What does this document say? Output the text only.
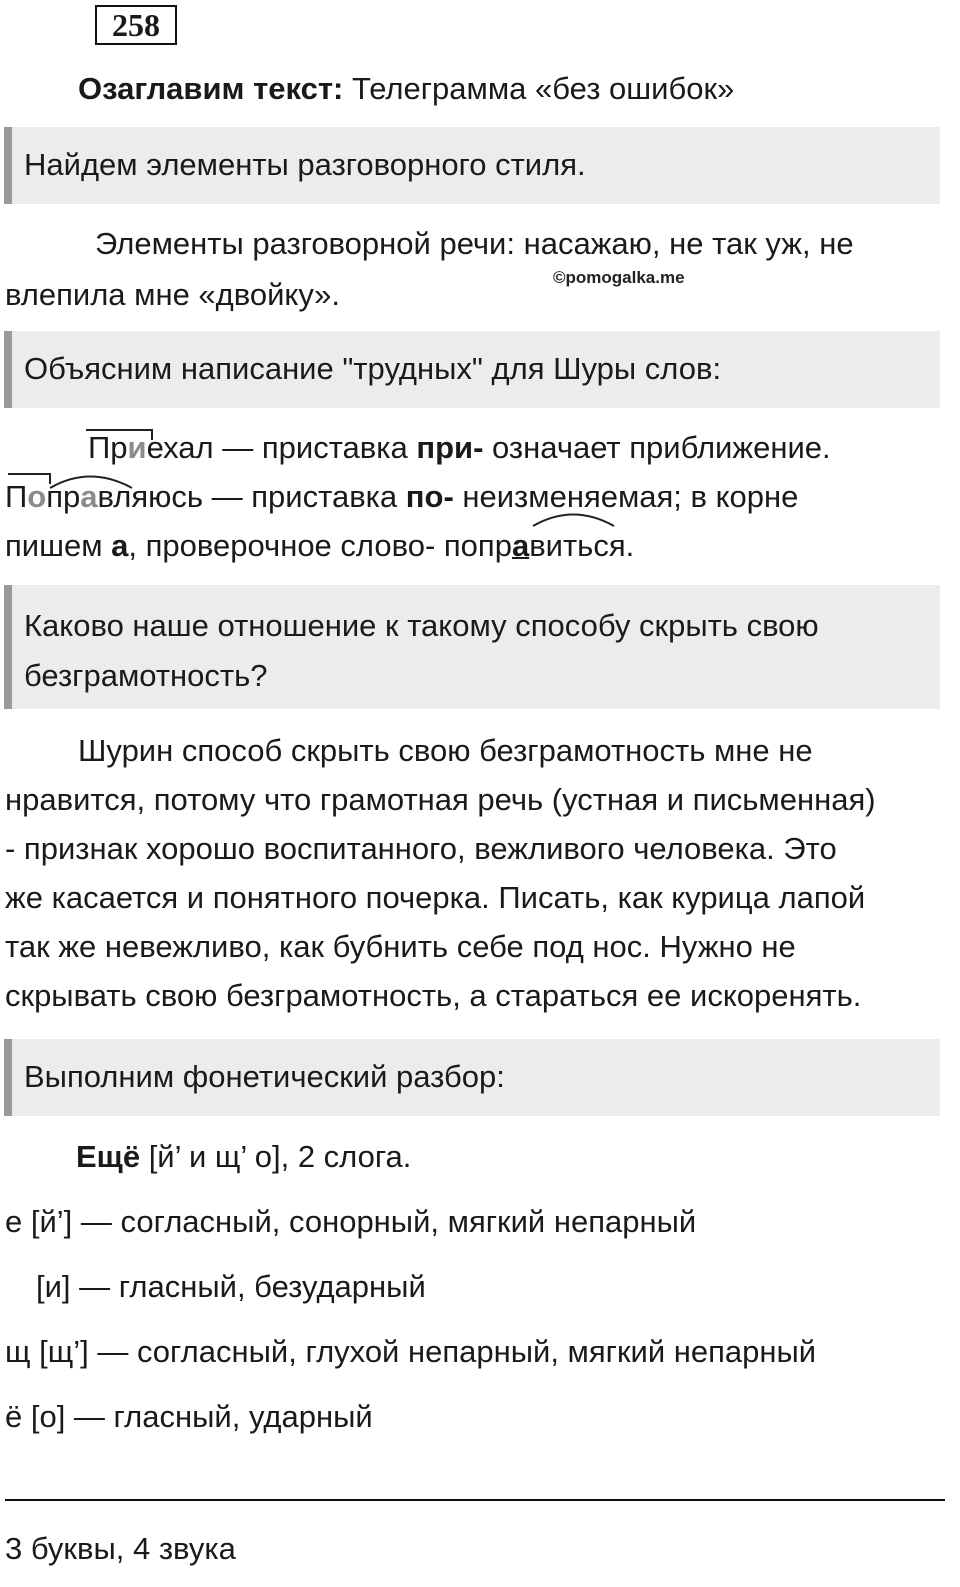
258
Озаглавим текст: Телеграмма «без ошибок»
Найдем элементы разговорного стиля.
Элементы разговорной речи: насажаю, не так уж, не
©pomogalka.me
влепила мне «двойку».
Объясним написание "трудных" для Шуры слов:
Приехал — приставка при- означает приближение.
Поправляюсь — приставка по- неизменяемая; в корне
пишем а, проверочное слово- поправиться.
Каково наше отношение к такому способу скрыть свою
безграмотность?
Шурин способ скрыть свою безграмотность мне не
нравится, потому что грамотная речь (устная и письменная)
- признак хорошо воспитанного, вежливого человека. Это
же касается и понятного почерка. Писать, как курица лапой
так же невежливо, как бубнить себе под нос. Нужно не
скрывать свою безграмотность, а стараться ее искоренять.
Выполним фонетический разбор:
Ещё [й’ и щ’ о], 2 слога.
е [й’] — согласный, сонорный, мягкий непарный
[и] — гласный, безударный
щ [щ’] — согласный, глухой непарный, мягкий непарный
ё [о] — гласный, ударный
3 буквы, 4 звука
